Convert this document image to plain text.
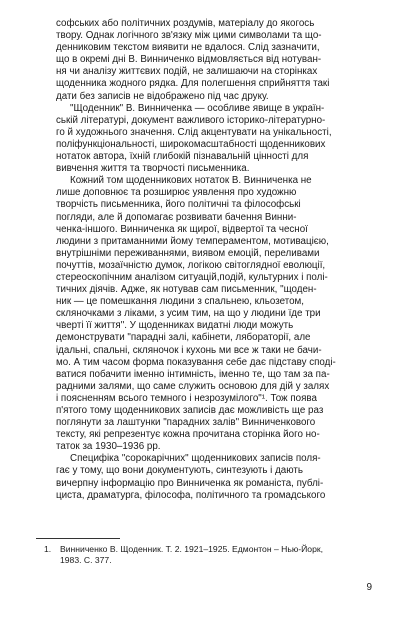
софських або політичних роздумів, матеріалу до якогось
твору. Однак логічного зв'язку між цими символами та що-
денниковим текстом виявити не вдалося. Слід зазначити,
що в окремі дні В. Винниченко відмовляється від нотуван-
ня чи аналізу життєвих подій, не залишаючи на сторінках
щоденника жодного рядка. Для полегшення сприйняття такі
дати без записів не відображено під час друку.
"Щоденник" В. Винниченка — особливе явище в україн-
ській літературі, документ важливого історико-літературно-
го й художнього значення. Слід акцентувати на унікальності,
поліфункціональності, широкомасштабності щоденникових
нотаток автора, їхній глибокій пізнавальній цінності для
вивчення життя та творчості письменника.
Кожний том щоденникових нотаток В. Винниченка не
лише доповнює та розширює уявлення про художню
творчість письменника, його політичні та філософські
погляди, але й допомагає розвивати бачення Винни-
ченка-іншого. Винниченка як щирої, відвертої та чесної
людини з притаманними йому темпераментом, мотивацією,
внутрішніми переживаннями, виявом емоцій, переливами
почуттів, мозаїчністю думок, логікою світоглядної еволюції,
стереоскопічним аналізом ситуацій,подій, культурних і полі-
тичних діячів. Адже, як нотував сам письменник, "щоден-
ник — це помешкання людини з спальнею, кльозетом,
скляночками з ліками, з усим тим, на що у людини їде три
чверті її життя". У щоденниках видатні люди можуть
демонструвати "парадні залі, кабінети, лябораторії, але
ідальні, спальні, скляночок і кухонь ми все ж таки не бачи-
мо. А тим часом форма показування себе дає підставу сподi-
ватися побачити іменно інтимність, іменно те, що там за па-
радними залями, що саме служить основою для дій у залях
і поясненням всього темного і незрозумілого"¹. Тож поява
п'ятого тому щоденникових записів дає можливість ще раз
поглянути за лаштунки "парадних залів" Винниченкового
тексту, які репрезентує кожна прочитана сторінка його но-
таток за 1930–1936 рр.
Специфіка "сорокарічних" щоденникових записів поля-
гає у тому, що вони документують, синтезують і дають
вичерпну інформацію про Винниченка як романіста, публі-
циста, драматурга, філософа, політичного та громадського
1. Винниченко В. Щоденник. Т. 2. 1921–1925. Едмонтон – Нью-Йорк,
1983. С. 377.
9
